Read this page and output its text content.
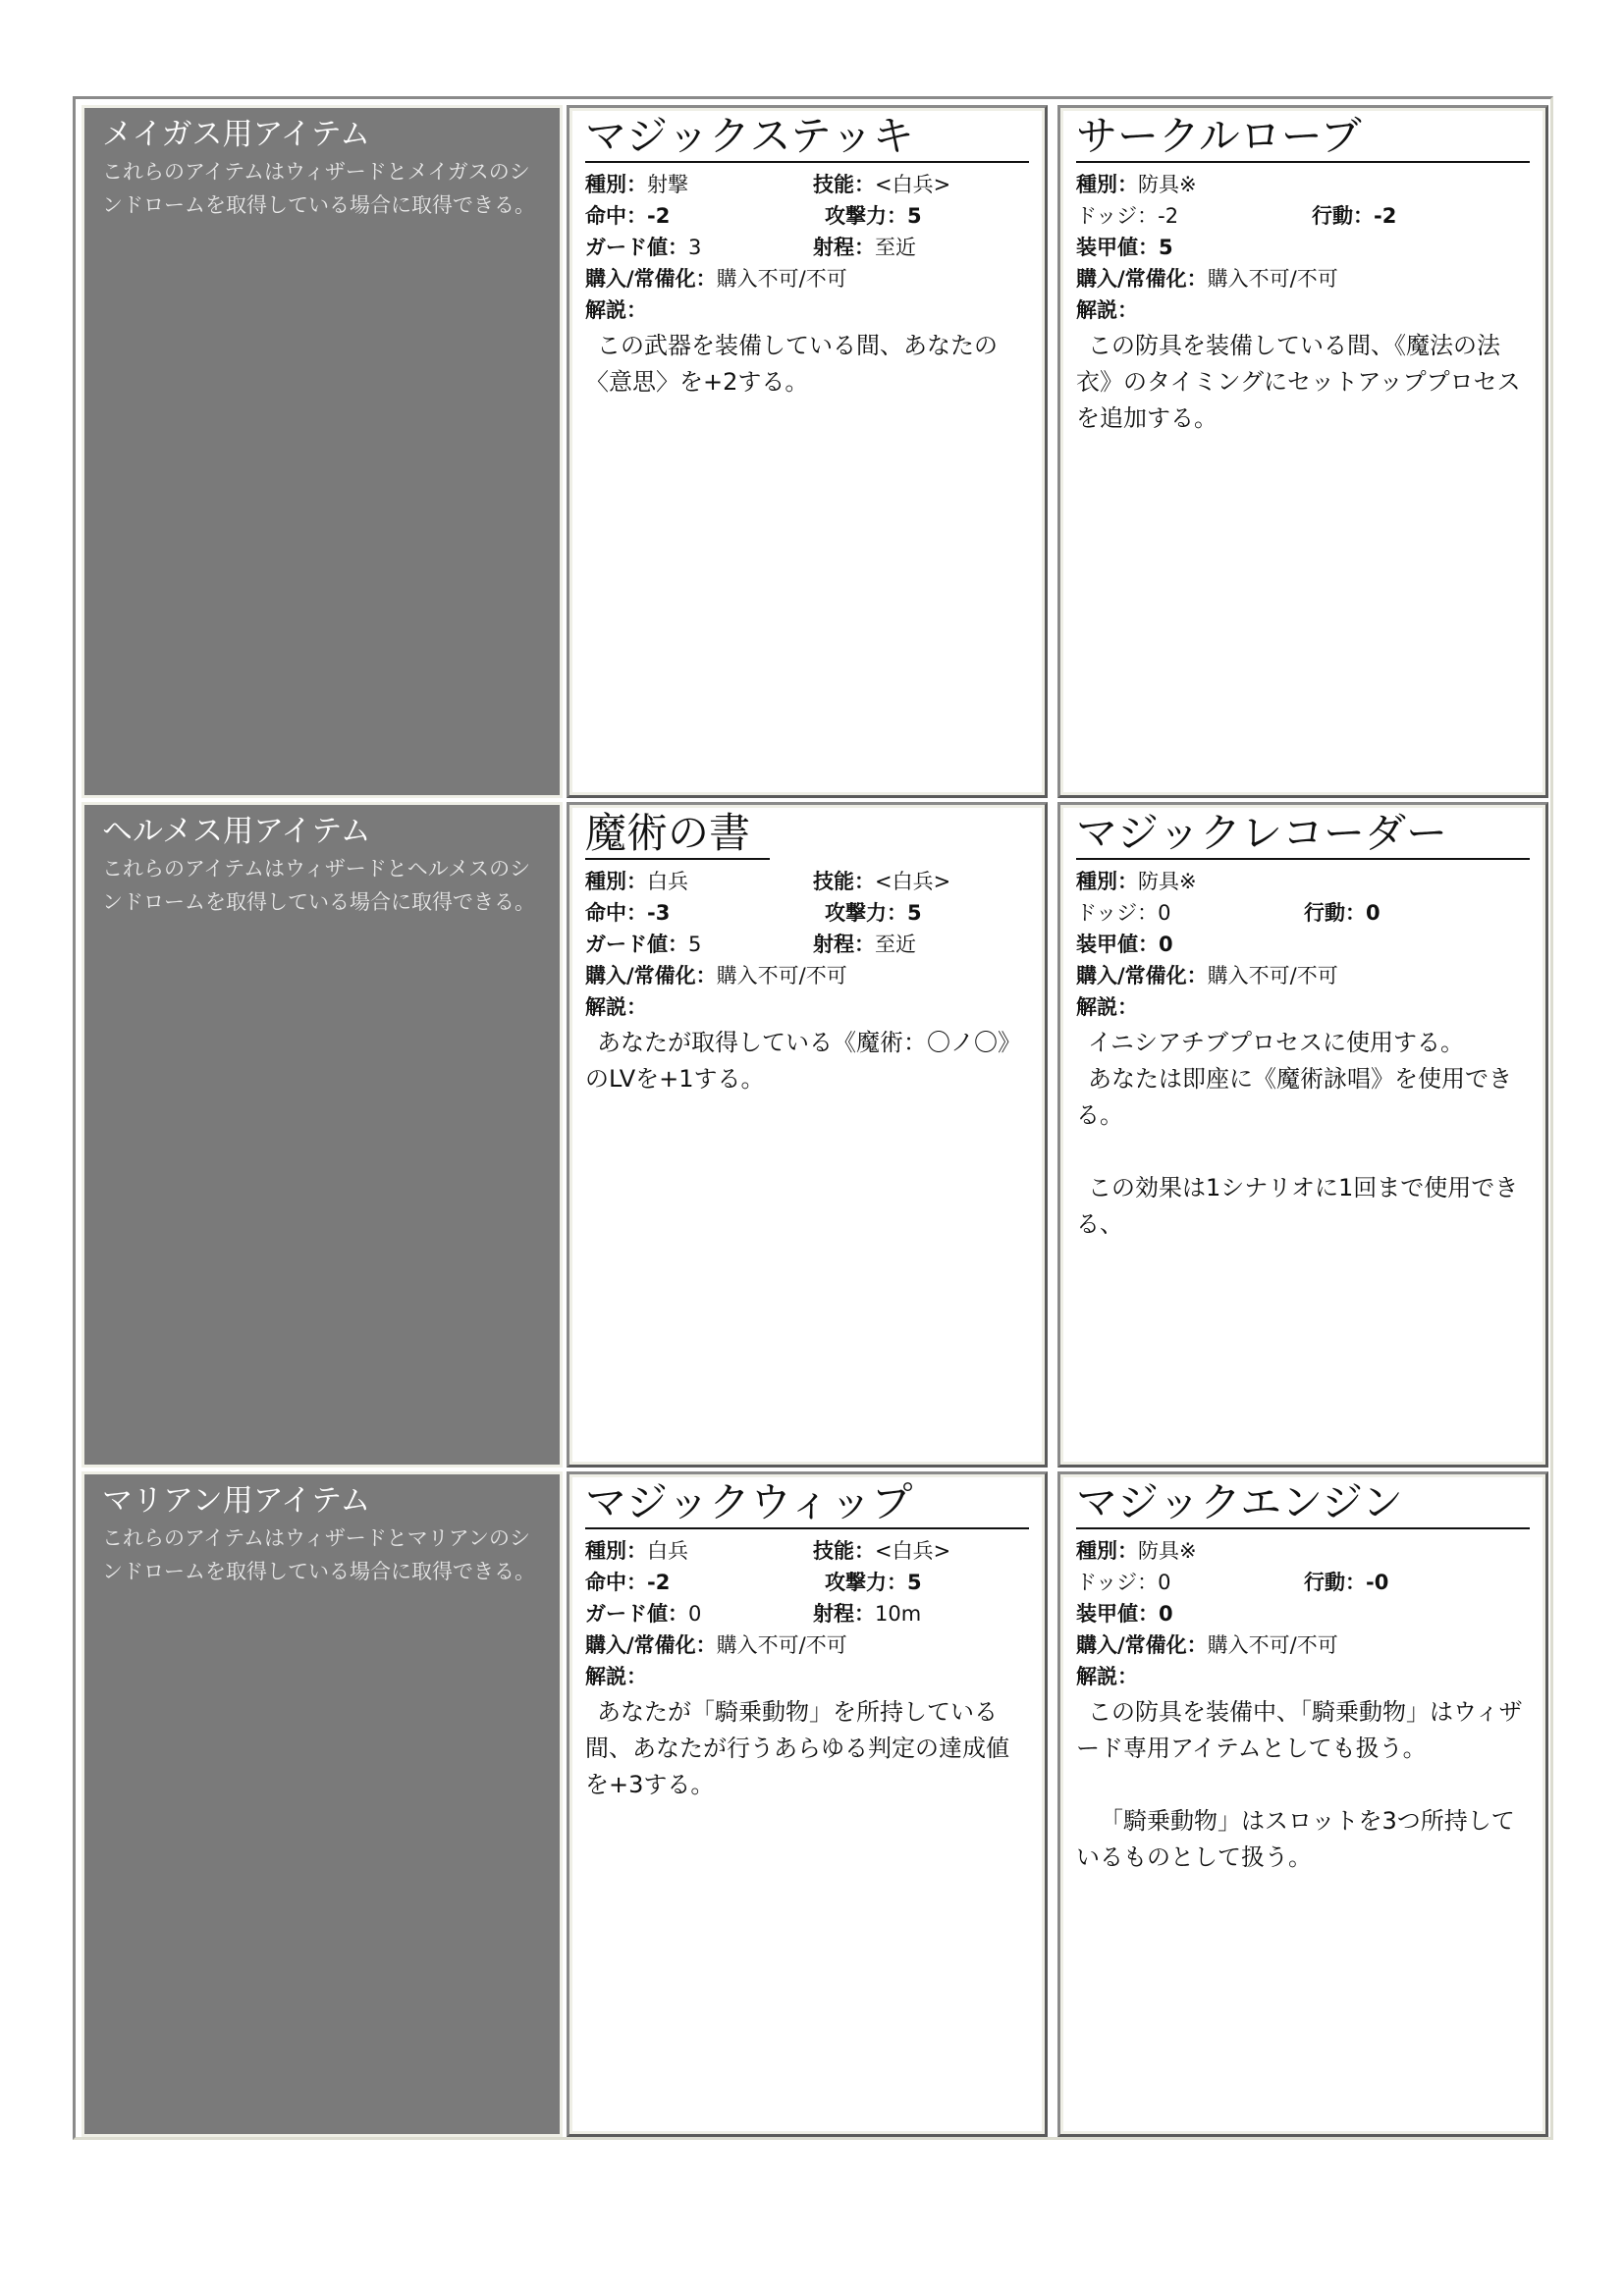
メイガス用アイテム
これらのアイテムはウィザードとメイガスのシンドロームを取得している場合に取得できる。
マジックステッキ
種別：射撃	技能：<白兵>
命中：-2	攻撃力：5
ガード値：3	射程：至近
購入/常備化：購入不可/不可
解説：

この武器を装備している間、あなたの〈意思〉を+2する。

サークルローブ
種別：防具※
ドッジ：-2	行動：-2
装甲値：5
購入/常備化：購入不可/不可
解説：

この防具を装備している間、《魔法の法衣》のタイミングにセットアッププロセスを追加する。

ヘルメス用アイテム
これらのアイテムはウィザードとヘルメスのシンドロームを取得している場合に取得できる。
魔術の書
種別：白兵	技能：<白兵>
命中：-3	攻撃力：5
ガード値：5	射程：至近
購入/常備化：購入不可/不可
解説：

あなたが取得している《魔術：〇ノ〇》のLVを+1する。

マジックレコーダー
種別：防具※
ドッジ：0	行動：0
装甲値：0
購入/常備化：購入不可/不可
解説：

イニシアチブプロセスに使用する。

あなたは即座に《魔術詠唱》を使用できる。

この効果は1シナリオに1回まで使用できる、

マリアン用アイテム
これらのアイテムはウィザードとマリアンのシンドロームを取得している場合に取得できる。
マジックウィップ
種別：白兵	技能：<白兵>
命中：-2	攻撃力：5
ガード値：0	射程：10m
購入/常備化：購入不可/不可
解説：

あなたが「騎乗動物」を所持している間、あなたが行うあらゆる判定の達成値を+3する。

マジックエンジン
種別：防具※
ドッジ：0	行動：-0
装甲値：0
購入/常備化：購入不可/不可
解説：

この防具を装備中、「騎乗動物」はウィザード専用アイテムとしても扱う。

「騎乗動物」はスロットを3つ所持しているものとして扱う。
